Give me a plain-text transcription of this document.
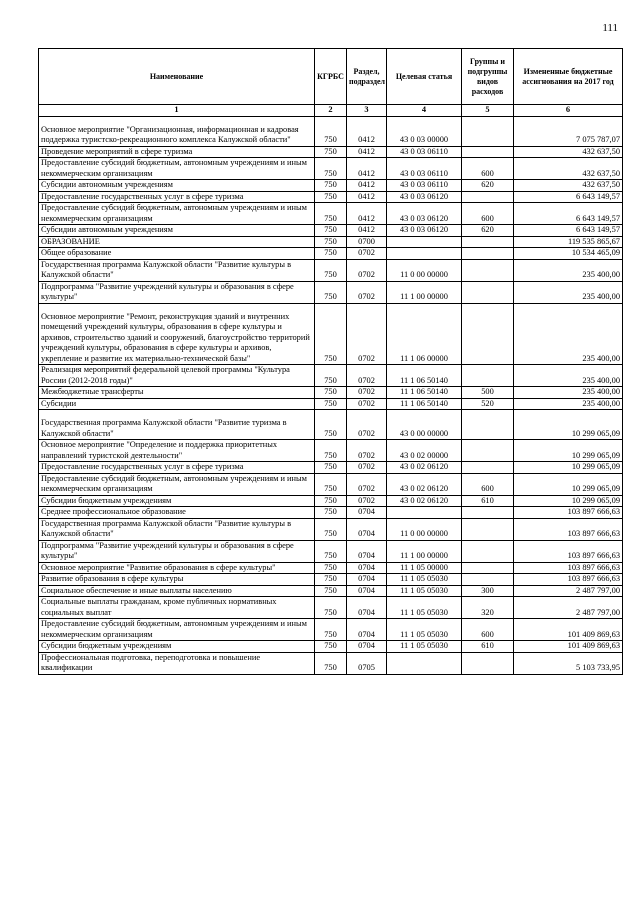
111
Наименование	КГРБС	Раздел, подраздел	Целевая статья	Группы и подгруппы видов расходов	Измененные бюджетные ассигнования на 2017 год
1	2	3	4	5	6
Основное мероприятие "Организационная, информационная и кадровая поддержка туристско-рекреационного комплекса Калужской области"	750	0412	43 0 03 00000		7 075 787,07
Проведение мероприятий в сфере туризма	750	0412	43 0 03 06110		432 637,50
Предоставление субсидий бюджетным, автономным учреждениям и иным некоммерческим организациям	750	0412	43 0 03 06110	600	432 637,50
Субсидии автономным учреждениям	750	0412	43 0 03 06110	620	432 637,50
Предоставление государственных услуг в сфере туризма	750	0412	43 0 03 06120		6 643 149,57
Предоставление субсидий бюджетным, автономным учреждениям и иным некоммерческим организациям	750	0412	43 0 03 06120	600	6 643 149,57
Субсидии автономным учреждениям	750	0412	43 0 03 06120	620	6 643 149,57
ОБРАЗОВАНИЕ	750	0700			119 535 865,67
Общее образование	750	0702			10 534 465,09
Государственная программа Калужской области "Развитие культуры в Калужской области"	750	0702	11 0 00 00000		235 400,00
Подпрограмма "Развитие учреждений культуры и образования в сфере культуры"	750	0702	11 1 00 00000		235 400,00
Основное мероприятие "Ремонт, реконструкция зданий и внутренних помещений учреждений культуры, образования в сфере культуры и архивов, строительство зданий и сооружений, благоустройство территорий учреждений культуры, образования в сфере культуры и архивов, укрепление и развитие их материально-технической базы"	750	0702	11 1 06 00000		235 400,00
Реализация мероприятий федеральной целевой программы "Культура России (2012-2018 годы)"	750	0702	11 1 06 50140		235 400,00
Межбюджетные трансферты	750	0702	11 1 06 50140	500	235 400,00
Субсидии	750	0702	11 1 06 50140	520	235 400,00
Государственная программа Калужской области "Развитие туризма в Калужской области"	750	0702	43 0 00 00000		10 299 065,09
Основное мероприятие "Определение и поддержка приоритетных направлений туристской деятельности"	750	0702	43 0 02 00000		10 299 065,09
Предоставление государственных услуг в сфере туризма	750	0702	43 0 02 06120		10 299 065,09
Предоставление субсидий бюджетным, автономным учреждениям и иным некоммерческим организациям	750	0702	43 0 02 06120	600	10 299 065,09
Субсидии бюджетным учреждениям	750	0702	43 0 02 06120	610	10 299 065,09
Среднее профессиональное образование	750	0704			103 897 666,63
Государственная программа Калужской области "Развитие культуры в Калужской области"	750	0704	11 0 00 00000		103 897 666,63
Подпрограмма "Развитие учреждений культуры и образования в сфере культуры"	750	0704	11 1 00 00000		103 897 666,63
Основное мероприятие "Развитие образования в сфере культуры"	750	0704	11 1 05 00000		103 897 666,63
Развитие образования в сфере культуры	750	0704	11 1 05 05030		103 897 666,63
Социальное обеспечение и иные выплаты населению	750	0704	11 1 05 05030	300	2 487 797,00
Социальные выплаты гражданам, кроме публичных нормативных социальных выплат	750	0704	11 1 05 05030	320	2 487 797,00
Предоставление субсидий бюджетным, автономным учреждениям и иным некоммерческим организациям	750	0704	11 1 05 05030	600	101 409 869,63
Субсидии бюджетным учреждениям	750	0704	11 1 05 05030	610	101 409 869,63
Профессиональная подготовка, переподготовка и повышение квалификации	750	0705			5 103 733,95
